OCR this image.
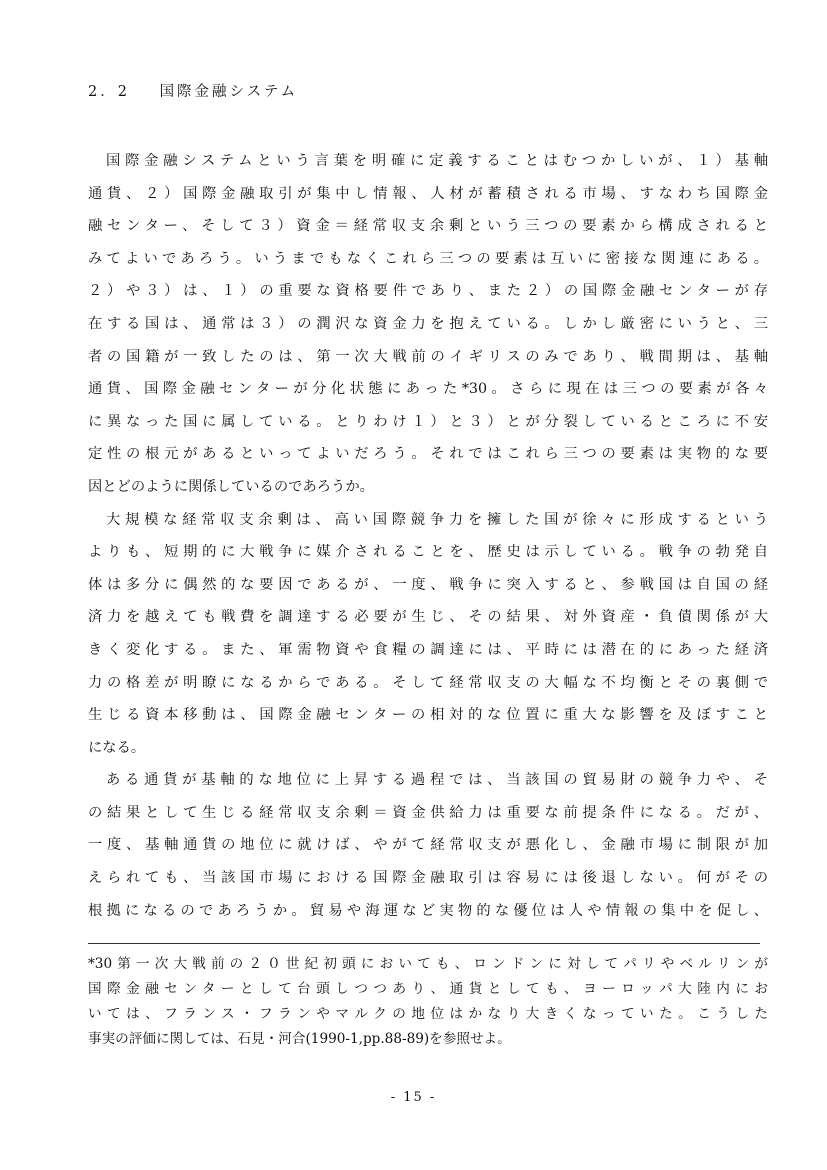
2．2 国際金融システム
国際金融システムという言葉を明確に定義することはむつかしいが、１）基軸
通貨、２）国際金融取引が集中し情報、人材が蓄積される市場、すなわち国際金
融センター、そして３）資金＝経常収支余剰という三つの要素から構成されると
みてよいであろう。いうまでもなくこれら三つの要素は互いに密接な関連にある。
２）や３）は、１）の重要な資格要件であり、また２）の国際金融センターが存
在する国は、通常は３）の潤沢な資金力を抱えている。しかし厳密にいうと、三
者の国籍が一致したのは、第一次大戦前のイギリスのみであり、戦間期は、基軸
通貨、国際金融センターが分化状態にあった*30。さらに現在は三つの要素が各々
に異なった国に属している。とりわけ１）と３）とが分裂しているところに不安
定性の根元があるといってよいだろう。それではこれら三つの要素は実物的な要
因とどのように関係しているのであろうか。
大規模な経常収支余剰は、高い国際競争力を擁した国が徐々に形成するという
よりも、短期的に大戦争に媒介されることを、歴史は示している。戦争の勃発自
体は多分に偶然的な要因であるが、一度、戦争に突入すると、参戦国は自国の経
済力を越えても戦費を調達する必要が生じ、その結果、対外資産・負債関係が大
きく変化する。また、軍需物資や食糧の調達には、平時には潜在的にあった経済
力の格差が明瞭になるからである。そして経常収支の大幅な不均衡とその裏側で
生じる資本移動は、国際金融センターの相対的な位置に重大な影響を及ぼすこと
になる。
ある通貨が基軸的な地位に上昇する過程では、当該国の貿易財の競争力や、そ
の結果として生じる経常収支余剰＝資金供給力は重要な前提条件になる。だが、
一度、基軸通貨の地位に就けば、やがて経常収支が悪化し、金融市場に制限が加
えられても、当該国市場における国際金融取引は容易には後退しない。何がその
根拠になるのであろうか。貿易や海運など実物的な優位は人や情報の集中を促し、
*30第一次大戦前の２０世紀初頭においても、ロンドンに対してパリやベルリンが
国際金融センターとして台頭しつつあり、通貨としても、ヨーロッパ大陸内にお
いては、フランス・フランやマルクの地位はかなり大きくなっていた。こうした
事実の評価に関しては、石見・河合(1990-1,pp.88-89)を参照せよ。
- 15 -
